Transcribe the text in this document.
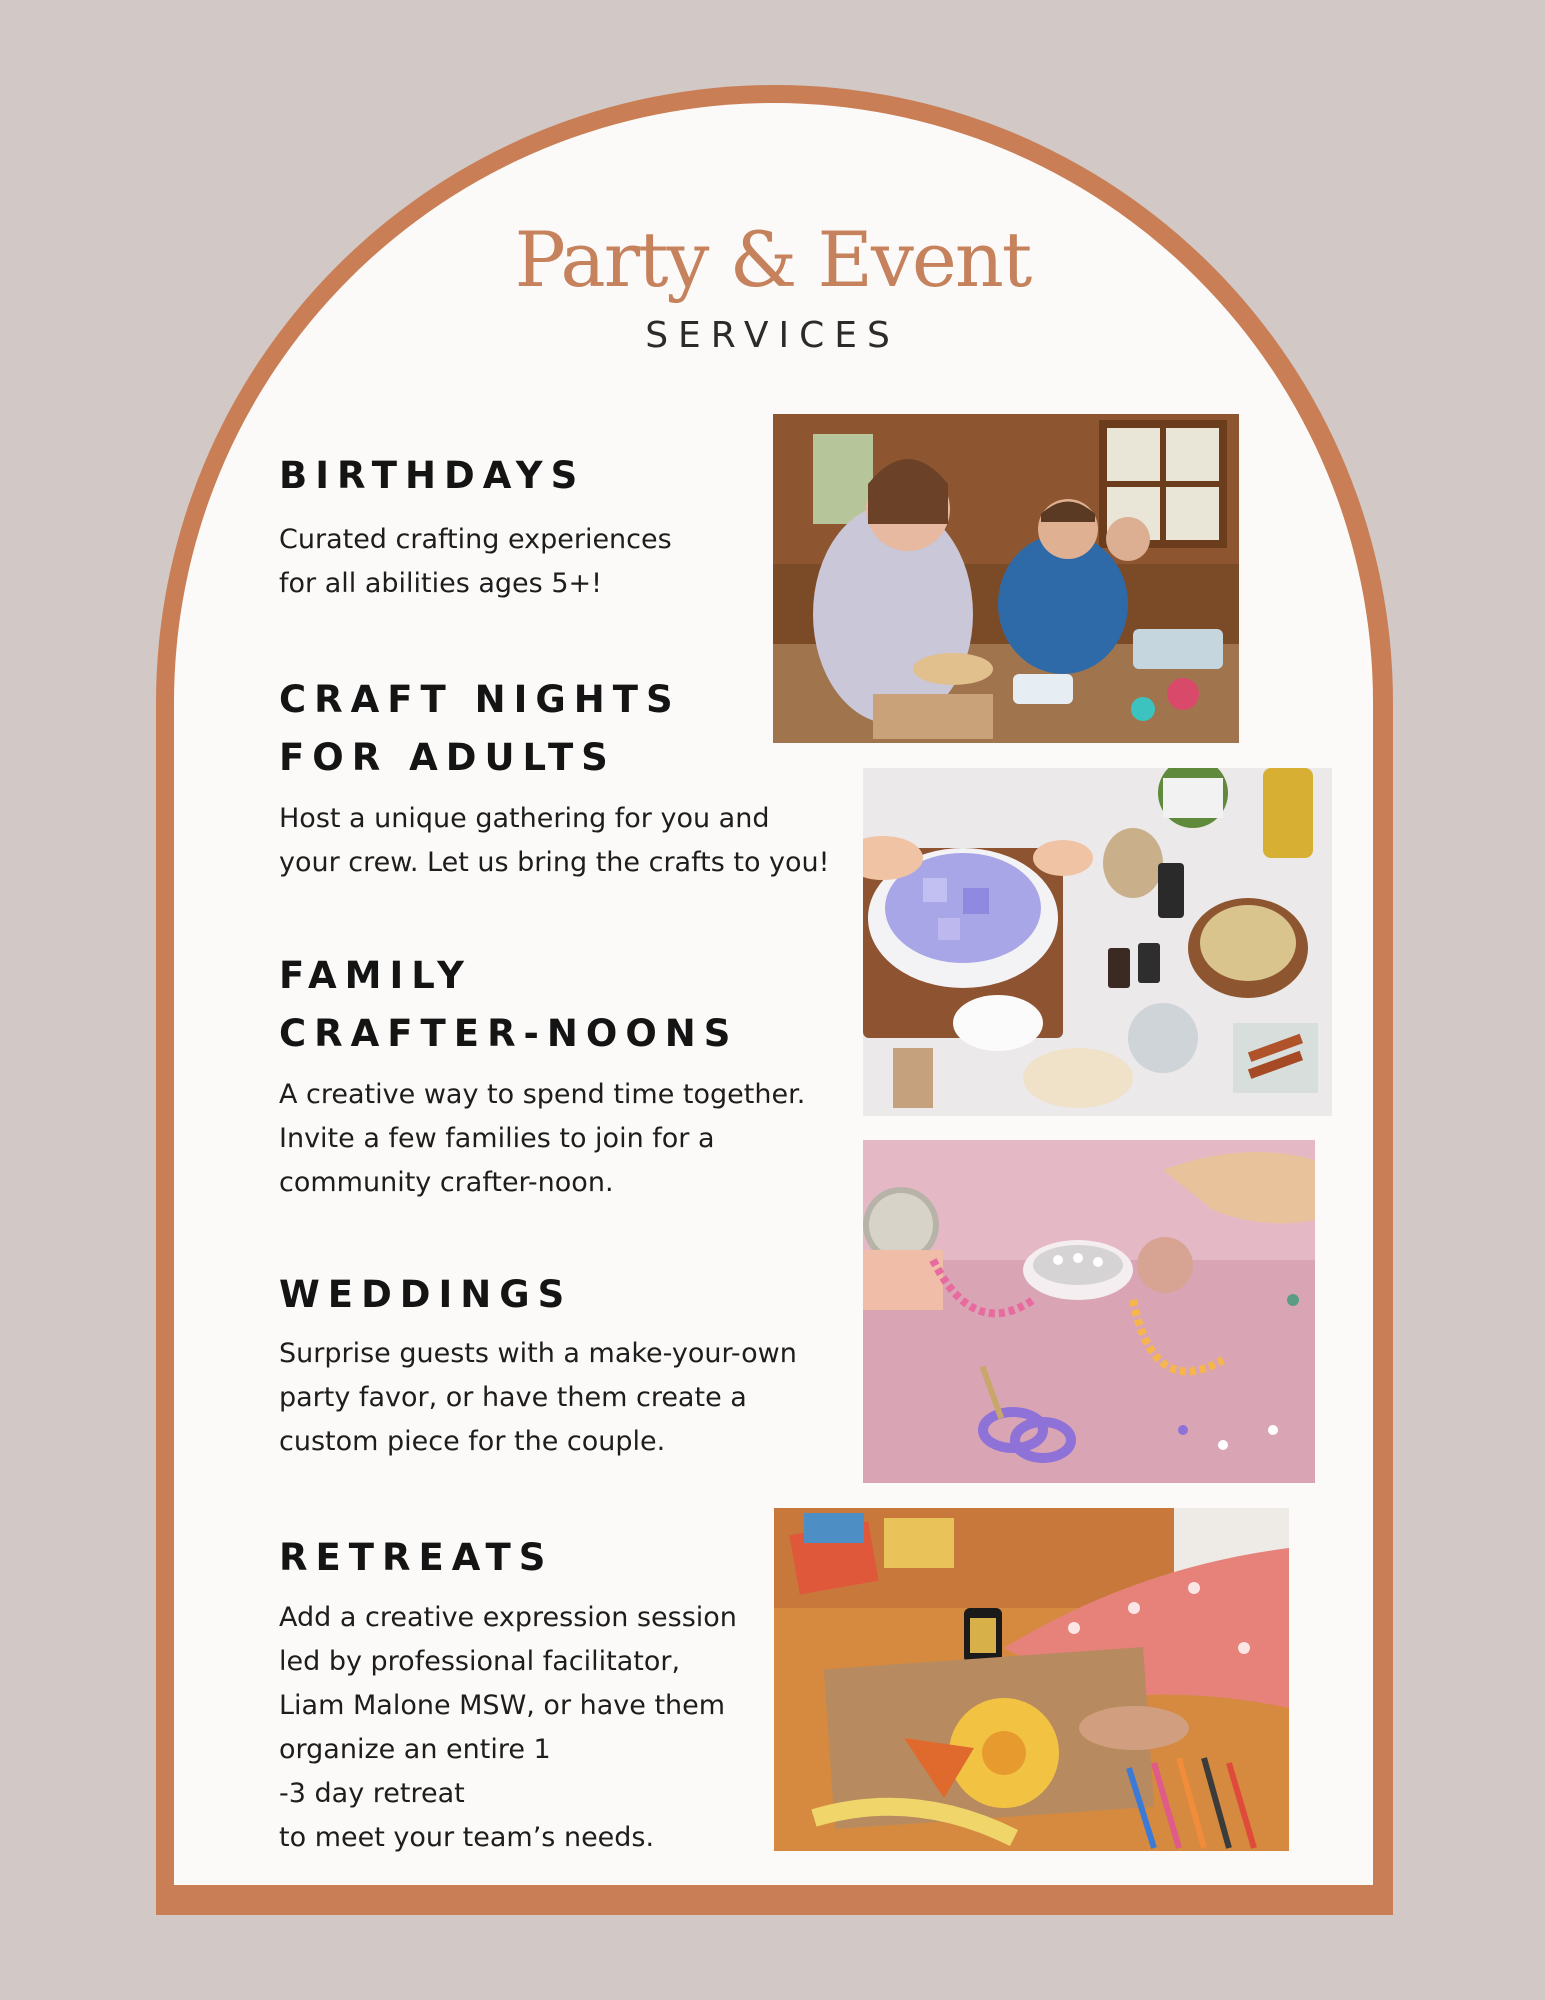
Party & Event
SERVICES
BIRTHDAYS

Curated crafting experiences
for all abilities ages 5+!

CRAFT NIGHTS
FOR ADULTS

Host a unique gathering for you and
your crew. Let us bring the crafts to you!

FAMILY
CRAFTER-NOONS

A creative way to spend time together.
Invite a few families to join for a
community crafter-noon.

WEDDINGS

Surprise guests with a make-your-own
party favor, or have them create a
custom piece for the couple.

RETREATS

Add a creative expression session
led by professional facilitator,
Liam Malone MSW, or have them
organize an entire 1
-3 day retreat
to meet your team’s needs.
